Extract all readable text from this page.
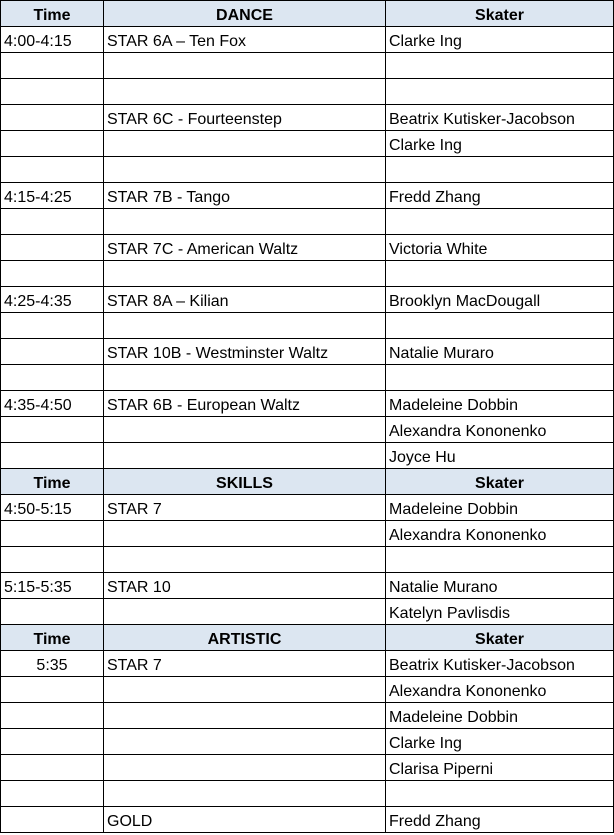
Time	DANCE	Skater
4:00-4:15	STAR 6A – Ten Fox	Clarke Ing

	STAR 6C - Fourteenstep	Beatrix Kutisker-Jacobson
		Clarke Ing

4:15-4:25	STAR 7B - Tango	Fredd Zhang

	STAR 7C - American Waltz	Victoria White

4:25-4:35	STAR 8A – Kilian	Brooklyn MacDougall

	STAR 10B - Westminster Waltz	Natalie Muraro

4:35-4:50	STAR 6B - European Waltz	Madeleine Dobbin
		Alexandra Kononenko
		Joyce Hu
Time	SKILLS	Skater
4:50-5:15	STAR 7	Madeleine Dobbin
		Alexandra Kononenko

5:15-5:35	STAR 10	Natalie Murano
		Katelyn Pavlisdis
Time	ARTISTIC	Skater
5:35	STAR 7	Beatrix Kutisker-Jacobson
		Alexandra Kononenko
		Madeleine Dobbin
		Clarke Ing
		Clarisa Piperni

	GOLD	Fredd Zhang
